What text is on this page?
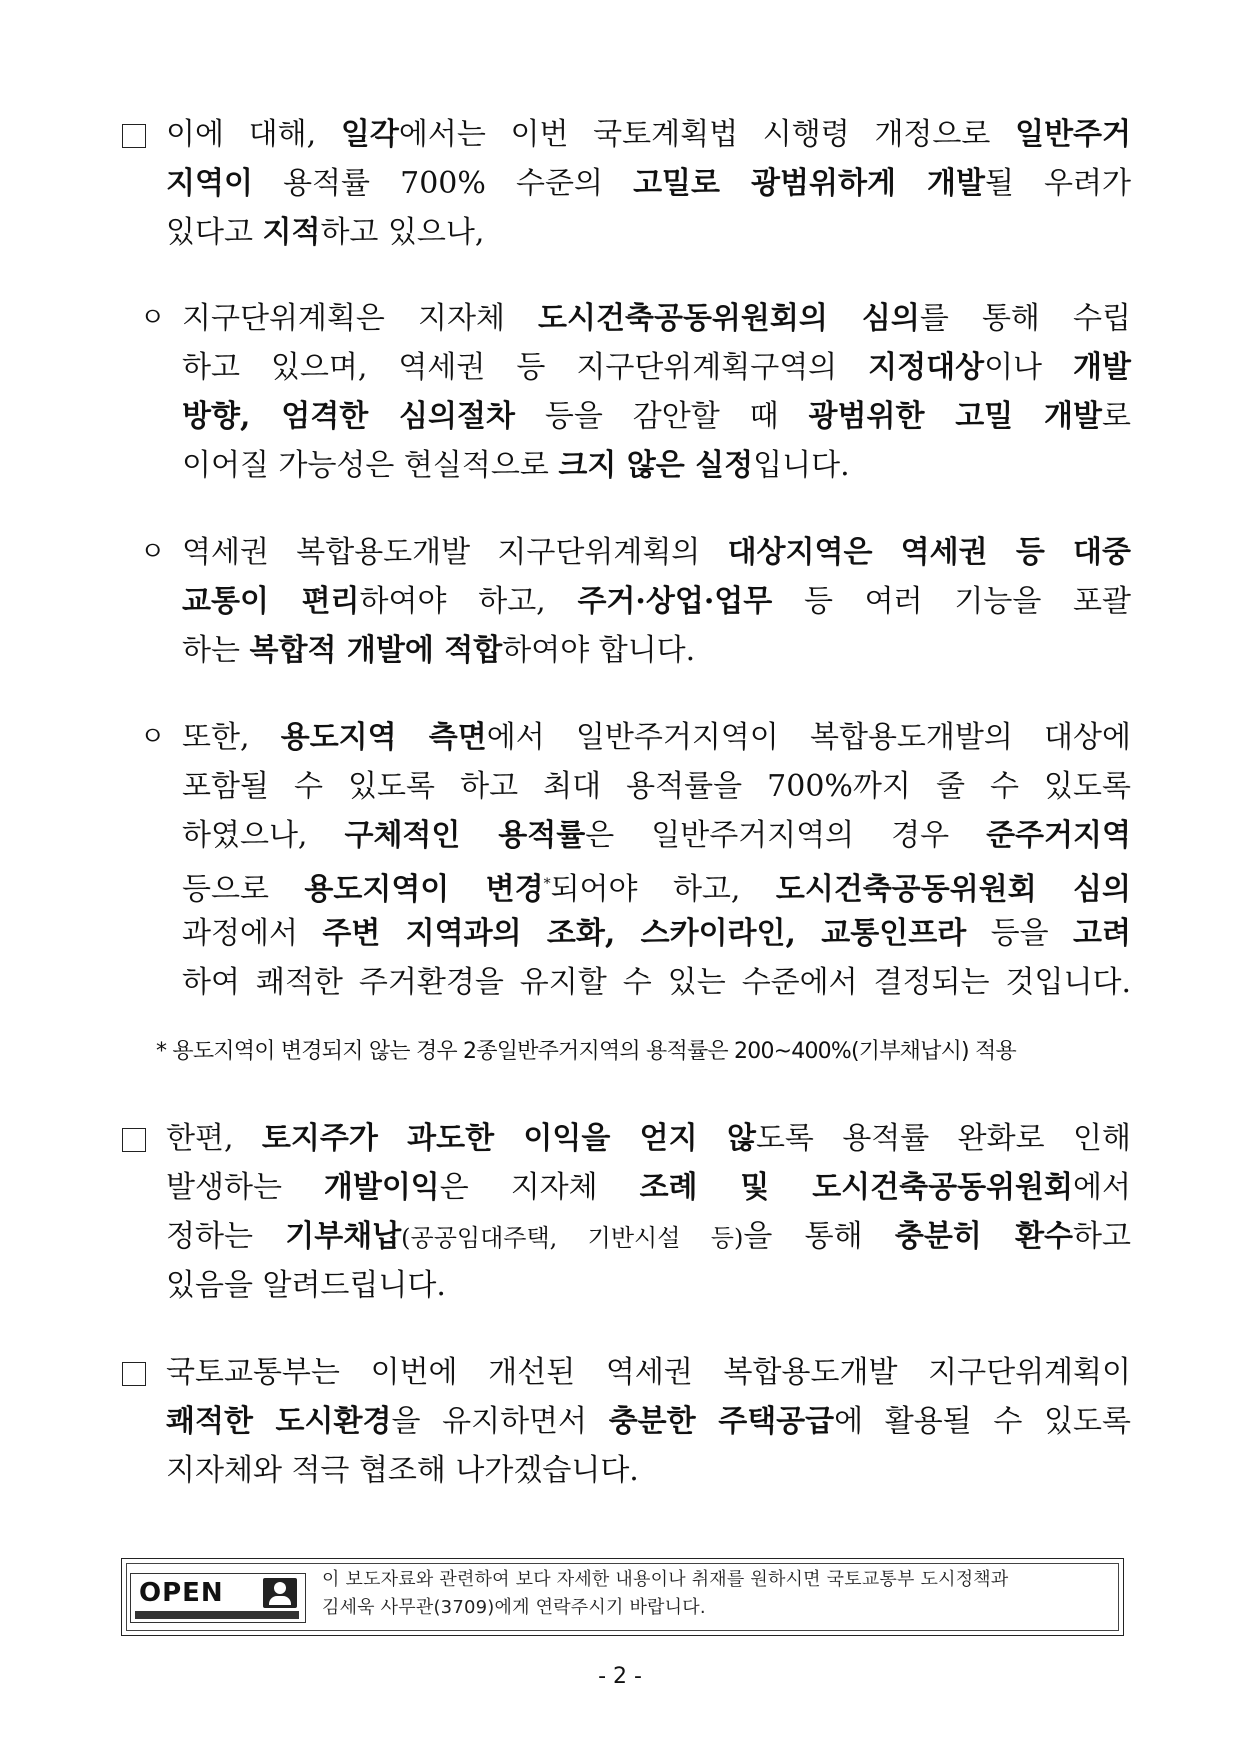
이에 대해, 일각에서는 이번 국토계획법 시행령 개정으로 일반주거
지역이 용적률 700% 수준의 고밀로 광범위하게 개발될 우려가
있다고 지적하고 있으나,
ㅇ 지구단위계획은 지자체 도시건축공동위원회의 심의를 통해 수립
하고 있으며, 역세권 등 지구단위계획구역의 지정대상이나 개발
방향, 엄격한 심의절차 등을 감안할 때 광범위한 고밀 개발로
이어질 가능성은 현실적으로 크지 않은 실정입니다.
ㅇ 역세권 복합용도개발 지구단위계획의 대상지역은 역세권 등 대중
교통이 편리하여야 하고, 주거·상업·업무 등 여러 기능을 포괄
하는 복합적 개발에 적합하여야 합니다.
ㅇ 또한, 용도지역 측면에서 일반주거지역이 복합용도개발의 대상에
포함될 수 있도록 하고 최대 용적률을 700%까지 줄 수 있도록
하였으나, 구체적인 용적률은 일반주거지역의 경우 준주거지역
등으로 용도지역이 변경*되어야 하고, 도시건축공동위원회 심의
과정에서 주변 지역과의 조화, 스카이라인, 교통인프라 등을 고려
하여 쾌적한 주거환경을 유지할 수 있는 수준에서 결정되는 것입니다.
* 용도지역이 변경되지 않는 경우 2종일반주거지역의 용적률은 200~400%(기부채납시) 적용
한편, 토지주가 과도한 이익을 얻지 않도록 용적률 완화로 인해
발생하는 개발이익은 지자체 조례 및 도시건축공동위원회에서
정하는 기부채납(공공임대주택, 기반시설 등)을 통해 충분히 환수하고
있음을 알려드립니다.
국토교통부는 이번에 개선된 역세권 복합용도개발 지구단위계획이
쾌적한 도시환경을 유지하면서 충분한 주택공급에 활용될 수 있도록
지자체와 적극 협조해 나가겠습니다.
OPEN	이 보도자료와 관련하여 보다 자세한 내용이나 취재를 원하시면 국토교통부 도시정책과
김세욱 사무관(3709)에게 연락주시기 바랍니다.
- 2 -
